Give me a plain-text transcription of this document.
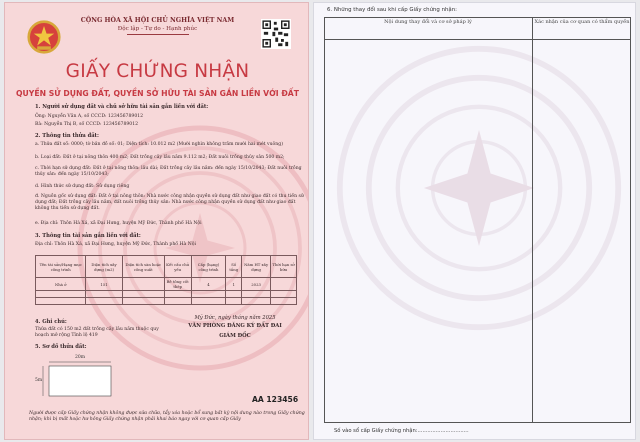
CỘNG HÒA XÃ HỘI CHỦ NGHĨA VIỆT NAM
Độc lập - Tự do - Hạnh phúc
GIẤY CHỨNG NHẬN
QUYỀN SỬ DỤNG ĐẤT, QUYỀN SỞ HỮU TÀI SẢN GẮN LIỀN VỚI ĐẤT
1. Người sử dụng đất và chủ sở hữu tài sản gắn liền với đất:
Ông: Nguyễn Văn A, số CCCD: 123456789012
Bà: Nguyễn Thị B, số CCCD: 123456789012
2. Thông tin thửa đất:
a. Thửa đất số: 0000; tờ bản đồ số: 01; Diện tích: 10.012 m2 (Mười nghìn không trăm mười hai mét vuông)
b. Loại đất: Đất ở tại nông thôn 400 m2; Đất trồng cây lâu năm 9.112 m2; Đất nuôi trồng thủy sản 500 m2;
c. Thời hạn sử dụng đất: Đất ở tại nông thôn: lâu dài; Đất trồng cây lâu năm: đến ngày 15/10/2043; Đất nuôi trồng thủy sản: đến ngày 15/10/2043;
d. Hình thức sử dụng đất: Sử dụng riêng
đ. Nguồn gốc sử dụng đất: Đất ở tại nông thôn: Nhà nước công nhận quyền sử dụng đất như giao đất có thu tiền sử dụng đất; Đất trồng cây lâu năm, đất nuôi trồng thủy sản: Nhà nước công nhận quyền sử dụng đất như giao đất không thu tiền sử dụng đất.
e. Địa chỉ: Thôn Hà Xá, xã Đại Hưng, huyện Mỹ Đức, Thành phố Hà Nội
3. Thông tin tài sản gắn liền với đất:
Địa chỉ: Thôn Hà Xá, xã Đại Hưng, huyện Mỹ Đức, Thành phố Hà Nội
Tên tài sản/Hạng mục công trình	Diện tích xây dựng (m2)	Diện tích sàn hoặc công suất	Kết cấu chủ yếu	Cấp (hạng) công trình	Số tầng	Năm HT xây dựng	Thời hạn sở hữu
Nhà ở	151		Bê tông cốt thép	4	1	2023	

4. Ghi chú:
Thửa đất có 150 m2 đất trồng cây lâu năm thuộc quy hoạch mở rộng Tỉnh lộ 419
5. Sơ đồ thửa đất:
20m
5m
Mỹ Đức, ngày tháng năm 2025
VĂN PHÒNG ĐĂNG KÝ ĐẤT ĐAI
GIÁM ĐỐC
AA 123456
Người được cấp Giấy chứng nhận không được sửa chữa, tẩy xóa hoặc bổ sung bất kỳ nội dung nào trong Giấy chứng nhận; khi bị mất hoặc hư hỏng Giấy chứng nhận phải khai báo ngay với cơ quan cấp Giấy
6. Những thay đổi sau khi cấp Giấy chứng nhận:
Nội dung thay đổi và cơ sở pháp lý	Xác nhận của cơ quan có thẩm quyền
Số vào sổ cấp Giấy chứng nhận:...............................
